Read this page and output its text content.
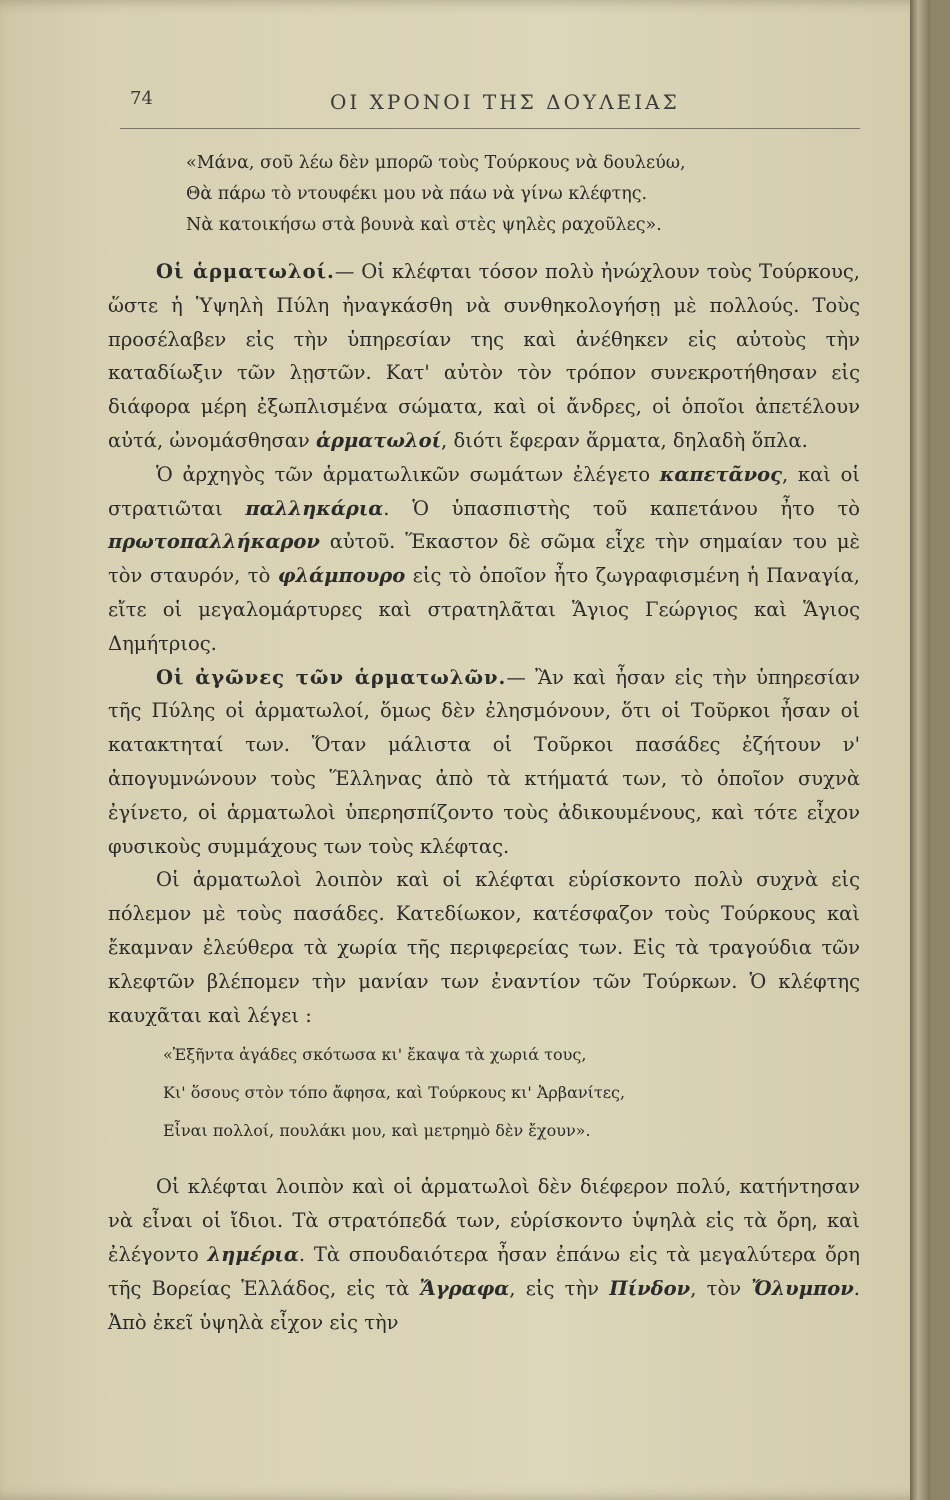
74	ΟΙ ΧΡΟΝΟΙ ΤΗΣ ΔΟΥΛΕΙΑΣ

«Μάνα, σοῦ λέω δὲν μπορῶ τοὺς Τούρκους νὰ δουλεύω,

Θὰ πάρω τὸ ντουφέκι μου νὰ πάω νὰ γίνω κλέφτης.

Νὰ κατοικήσω στὰ βουνὰ καὶ στὲς ψηλὲς ραχοῦλες».

Οἱ ἁρματωλοί.— Οἱ κλέφται τόσον πολὺ ἠνώχλουν τοὺς Τούρκους, ὥστε ἡ Ὑψηλὴ Πύλη ἠναγκάσθη νὰ συνθηκολογήσῃ μὲ πολλούς. Τοὺς προσέλαβεν εἰς τὴν ὑπηρεσίαν της καὶ ἀνέθηκεν εἰς αὐτοὺς τὴν καταδίωξιν τῶν λῃστῶν. Κατ' αὐτὸν τὸν τρόπον συνεκροτήθησαν εἰς διάφορα μέρη ἐξωπλισμένα σώματα, καὶ οἱ ἄνδρες, οἱ ὁποῖοι ἀπετέλουν αὐτά, ὠνομάσθησαν ἁρματωλοί, διότι ἔφεραν ἅρματα, δηλαδὴ ὅπλα.

Ὁ ἀρχηγὸς τῶν ἁρματωλικῶν σωμάτων ἐλέγετο καπετᾶνος, καὶ οἱ στρατιῶται παλληκάρια. Ὁ ὑπασπιστὴς τοῦ καπετάνου ἦτο τὸ πρωτοπαλλήκαρον αὐτοῦ. Ἕκαστον δὲ σῶμα εἶχε τὴν σημαίαν του μὲ τὸν σταυρόν, τὸ φλάμπουρο εἰς τὸ ὁποῖον ἦτο ζωγραφισμένη ἡ Παναγία, εἴτε οἱ μεγαλομάρτυρες καὶ στρατηλᾶται Ἅγιος Γεώργιος καὶ Ἅγιος Δημήτριος.

Οἱ ἀγῶνες τῶν ἁρματωλῶν.— Ἂν καὶ ἦσαν εἰς τὴν ὑπηρεσίαν τῆς Πύλης οἱ ἁρματωλοί, ὅμως δὲν ἐλησμόνουν, ὅτι οἱ Τοῦρκοι ἦσαν οἱ κατακτηταί των. Ὅταν μάλιστα οἱ Τοῦρκοι πασάδες ἐζήτουν ν' ἀπογυμνώνουν τοὺς Ἕλληνας ἀπὸ τὰ κτήματά των, τὸ ὁποῖον συχνὰ ἐγίνετο, οἱ ἁρματωλοὶ ὑπερησπίζοντο τοὺς ἀδικουμένους, καὶ τότε εἶχον φυσικοὺς συμμάχους των τοὺς κλέφτας.

Οἱ ἁρματωλοὶ λοιπὸν καὶ οἱ κλέφται εὑρίσκοντο πολὺ συχνὰ εἰς πόλεμον μὲ τοὺς πασάδες. Κατεδίωκον, κατέσφαζον τοὺς Τούρκους καὶ ἔκαμναν ἐλεύθερα τὰ χωρία τῆς περιφερείας των. Εἰς τὰ τραγούδια τῶν κλεφτῶν βλέπομεν τὴν μανίαν των ἐναντίον τῶν Τούρκων. Ὁ κλέφτης καυχᾶται καὶ λέγει :

«Ἑξῆντα ἀγάδες σκότωσα κι' ἔκαψα τὰ χωριά τους,

Κι' ὅσους στὸν τόπο ἄφησα, καὶ Τούρκους κι' Ἀρβανίτες,

Εἶναι πολλοί, πουλάκι μου, καὶ μετρημὸ δὲν ἔχουν».

Οἱ κλέφται λοιπὸν καὶ οἱ ἁρματωλοὶ δὲν διέφερον πολύ, κατήντησαν νὰ εἶναι οἱ ἴδιοι. Τὰ στρατόπεδά των, εὑρίσκοντο ὑψηλὰ εἰς τὰ ὄρη, καὶ ἐλέγοντο λημέρια. Τὰ σπουδαιότερα ἦσαν ἐπάνω εἰς τὰ μεγαλύτερα ὄρη τῆς Βορείας Ἑλλάδος, εἰς τὰ Ἄγραφα, εἰς τὴν Πίνδον, τὸν Ὄλυμπον. Ἀπὸ ἐκεῖ ὑψηλὰ εἶχον εἰς τὴν
